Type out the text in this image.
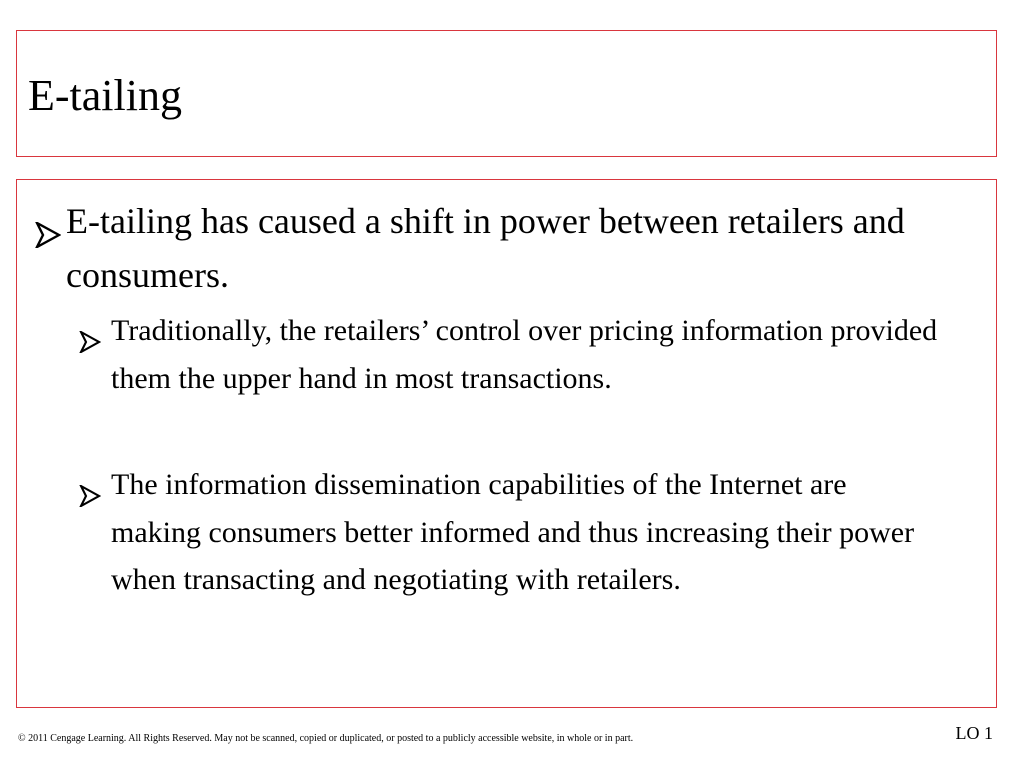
E-tailing
E-tailing has caused a shift in power between retailers and consumers.
Traditionally, the retailers’ control over pricing information provided them the upper hand in most transactions.
The information dissemination capabilities of the Internet are making consumers better informed and thus increasing their power when transacting and negotiating with retailers.
© 2011 Cengage Learning. All Rights Reserved. May not be scanned, copied or duplicated, or posted to a publicly accessible website, in whole or in part.	LO 1
